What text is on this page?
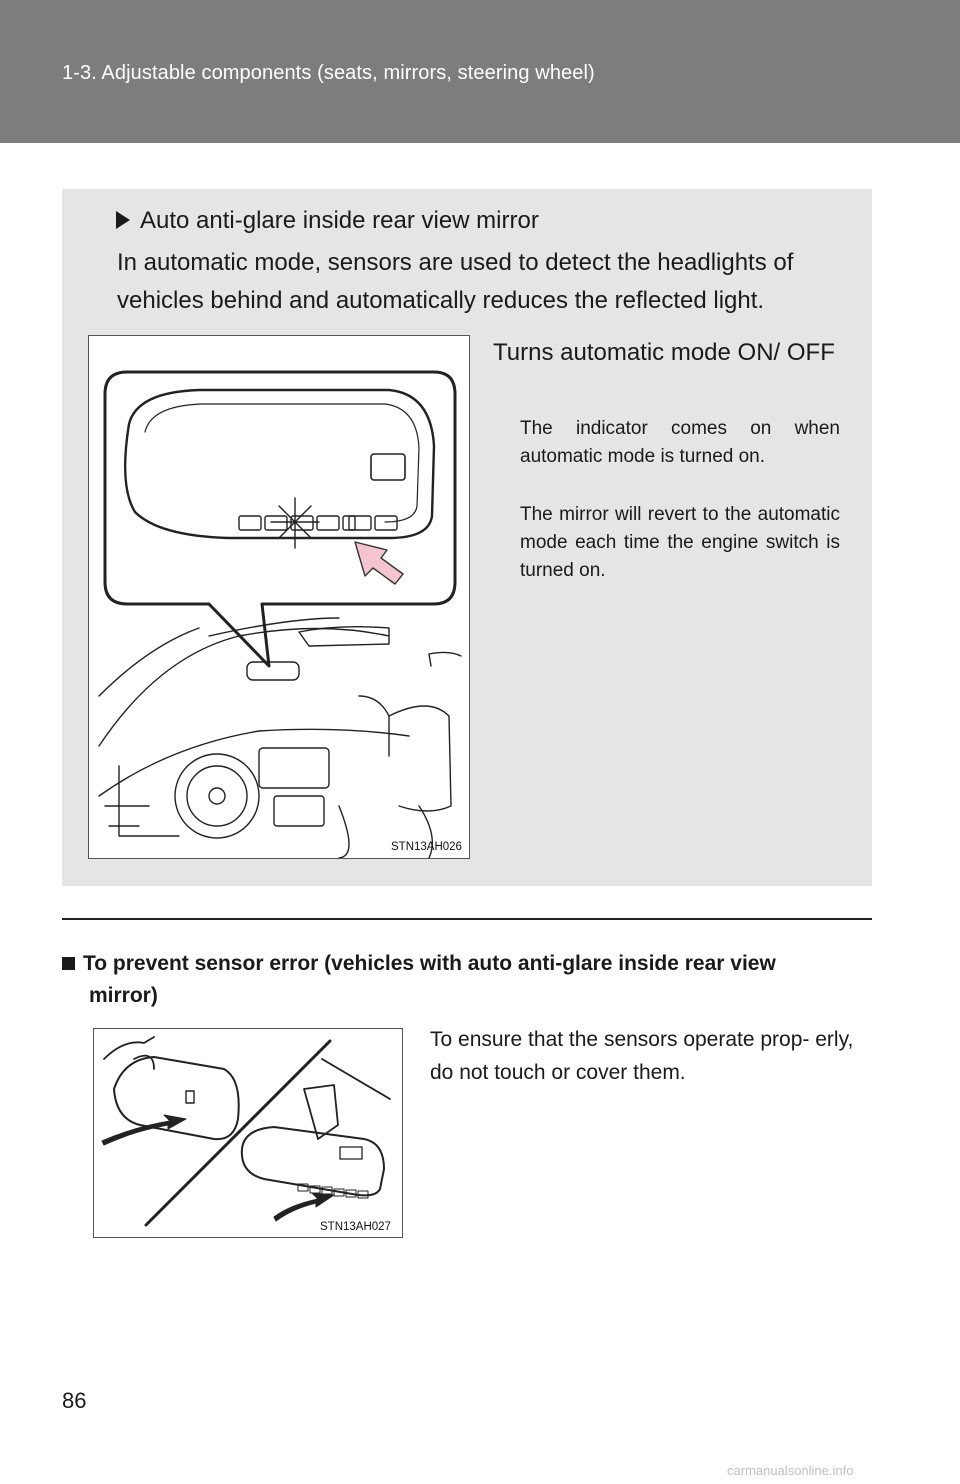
1-3. Adjustable components (seats, mirrors, steering wheel)
Auto anti-glare inside rear view mirror
In automatic mode, sensors are used to detect the headlights of vehicles behind and automatically reduces the reflected light.
STN13AH026
Turns automatic mode ON/ OFF
The indicator comes on when automatic mode is turned on.
The mirror will revert to the automatic mode each time the engine switch is turned on.
To prevent sensor error (vehicles with auto anti-glare inside rear view
mirror)
STN13AH027
To ensure that the sensors operate prop- erly, do not touch or cover them.
86
carmanualsonline.info
